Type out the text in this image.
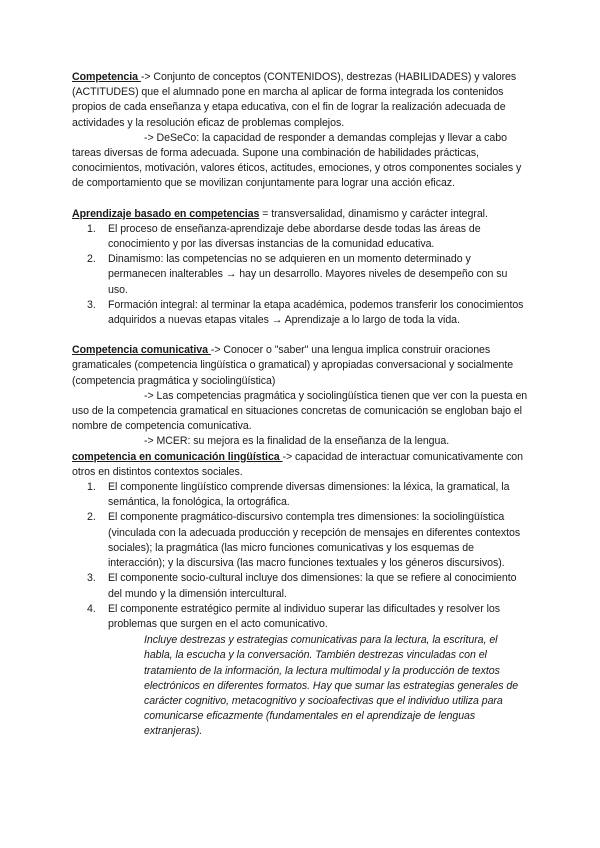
Competencia -> Conjunto de conceptos (CONTENIDOS), destrezas (HABILIDADES) y valores (ACTITUDES) que el alumnado pone en marcha al aplicar de forma integrada los contenidos propios de cada enseñanza y etapa educativa, con el fin de lograr la realización adecuada de actividades y la resolución eficaz de problemas complejos.

-> DeSeCo: la capacidad de responder a demandas complejas y llevar a cabo tareas diversas de forma adecuada. Supone una combinación de habilidades prácticas, conocimientos, motivación, valores éticos, actitudes, emociones, y otros componentes sociales y de comportamiento que se movilizan conjuntamente para lograr una acción eficaz.

Aprendizaje basado en competencias = transversalidad, dinamismo y carácter integral.

1. El proceso de enseñanza-aprendizaje debe abordarse desde todas las áreas de conocimiento y por las diversas instancias de la comunidad educativa.
2. Dinamismo: las competencias no se adquieren en un momento determinado y permanecen inalterables → hay un desarrollo. Mayores niveles de desempeño con su uso.
3. Formación integral: al terminar la etapa académica, podemos transferir los conocimientos adquiridos a nuevas etapas vitales → Aprendizaje a lo largo de toda la vida.

Competencia comunicativa -> Conocer o "saber" una lengua implica construir oraciones gramaticales (competencia lingüística o gramatical) y apropiadas conversacional y socialmente (competencia pragmática y sociolingüística)

-> Las competencias pragmática y sociolingüística tienen que ver con la puesta en uso de la competencia gramatical en situaciones concretas de comunicación se engloban bajo el nombre de competencia comunicativa.

-> MCER: su mejora es la finalidad de la enseñanza de la lengua.

competencia en comunicación lingüística -> capacidad de interactuar comunicativamente con otros en distintos contextos sociales.

1. El componente lingüístico comprende diversas dimensiones: la léxica, la gramatical, la semántica, la fonológica, la ortográfica.
2. El componente pragmático-discursivo contempla tres dimensiones: la sociolingüística (vinculada con la adecuada producción y recepción de mensajes en diferentes contextos sociales); la pragmática (las micro funciones comunicativas y los esquemas de interacción); y la discursiva (las macro funciones textuales y los géneros discursivos).
3. El componente socio-cultural incluye dos dimensiones: la que se refiere al conocimiento del mundo y la dimensión intercultural.
4. El componente estratégico permite al individuo superar las dificultades y resolver los problemas que surgen en el acto comunicativo.

Incluye destrezas y estrategias comunicativas para la lectura, la escritura, el habla, la escucha y la conversación. También destrezas vinculadas con el tratamiento de la información, la lectura multimodal y la producción de textos electrónicos en diferentes formatos. Hay que sumar las estrategias generales de carácter cognitivo, metacognitivo y socioafectivas que el individuo utiliza para comunicarse eficazmente (fundamentales en el aprendizaje de lenguas extranjeras).
